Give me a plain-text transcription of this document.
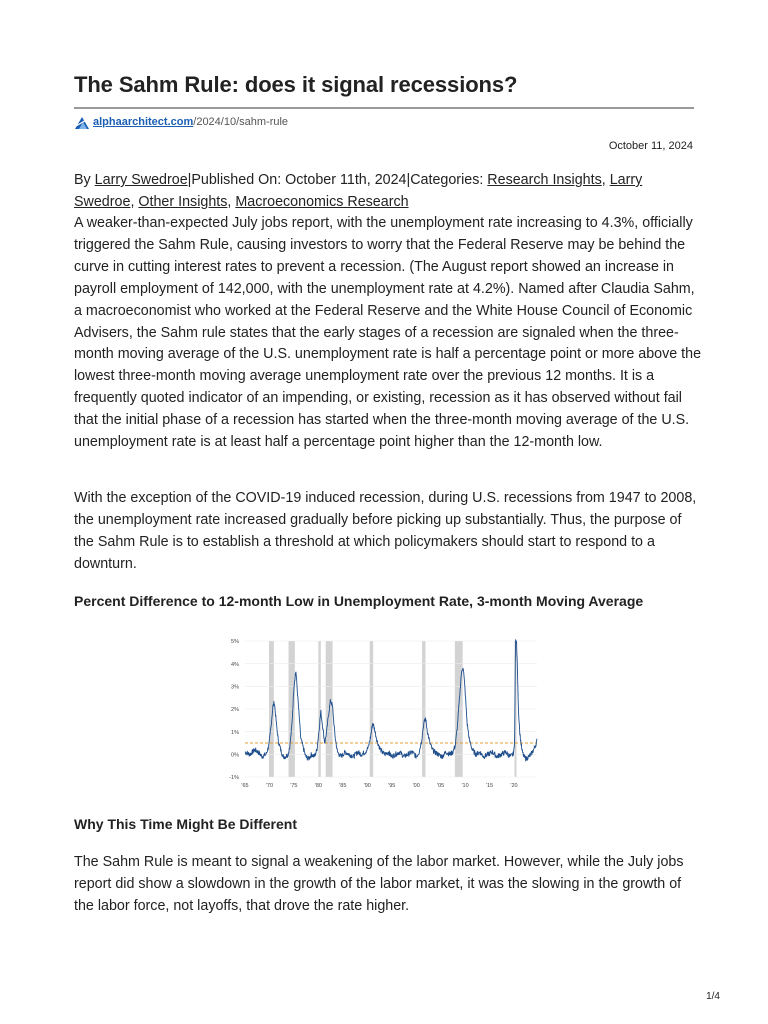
The Sahm Rule: does it signal recessions?
alphaarchitect.com /2024/10/sahm-rule
October 11, 2024

By Larry Swedroe|Published On: October 11th, 2024|Categories: Research Insights, Larry Swedroe, Other Insights, Macroeconomics Research

A weaker-than-expected July jobs report, with the unemployment rate increasing to 4.3%, officially triggered the Sahm Rule, causing investors to worry that the Federal Reserve may be behind the curve in cutting interest rates to prevent a recession. (The August report showed an increase in payroll employment of 142,000, with the unemployment rate at 4.2%). Named after Claudia Sahm, a macroeconomist who worked at the Federal Reserve and the White House Council of Economic Advisers, the Sahm rule states that the early stages of a recession are signaled when the three-month moving average of the U.S. unemployment rate is half a percentage point or more above the lowest three-month moving average unemployment rate over the previous 12 months. It is a frequently quoted indicator of an impending, or existing, recession as it has observed without fail that the initial phase of a recession has started when the three-month moving average of the U.S. unemployment rate is at least half a percentage point higher than the 12-month low.

With the exception of the COVID-19 induced recession, during U.S. recessions from 1947 to 2008, the unemployment rate increased gradually before picking up substantially. Thus, the purpose of the Sahm Rule is to establish a threshold at which policymakers should start to respond to a downturn.

Percent Difference to 12-month Low in Unemployment Rate, 3-month Moving Average
-1%
0%
1%
2%
3%
4%
5%
'65	'70	'75	'80	'85	'90	'95	'00	'05	'10	'15	'20
Why This Time Might Be Different

The Sahm Rule is meant to signal a weakening of the labor market. However, while the July jobs report did show a slowdown in the growth of the labor market, it was the slowing in the growth of the labor force, not layoffs, that drove the rate higher.

1/4
